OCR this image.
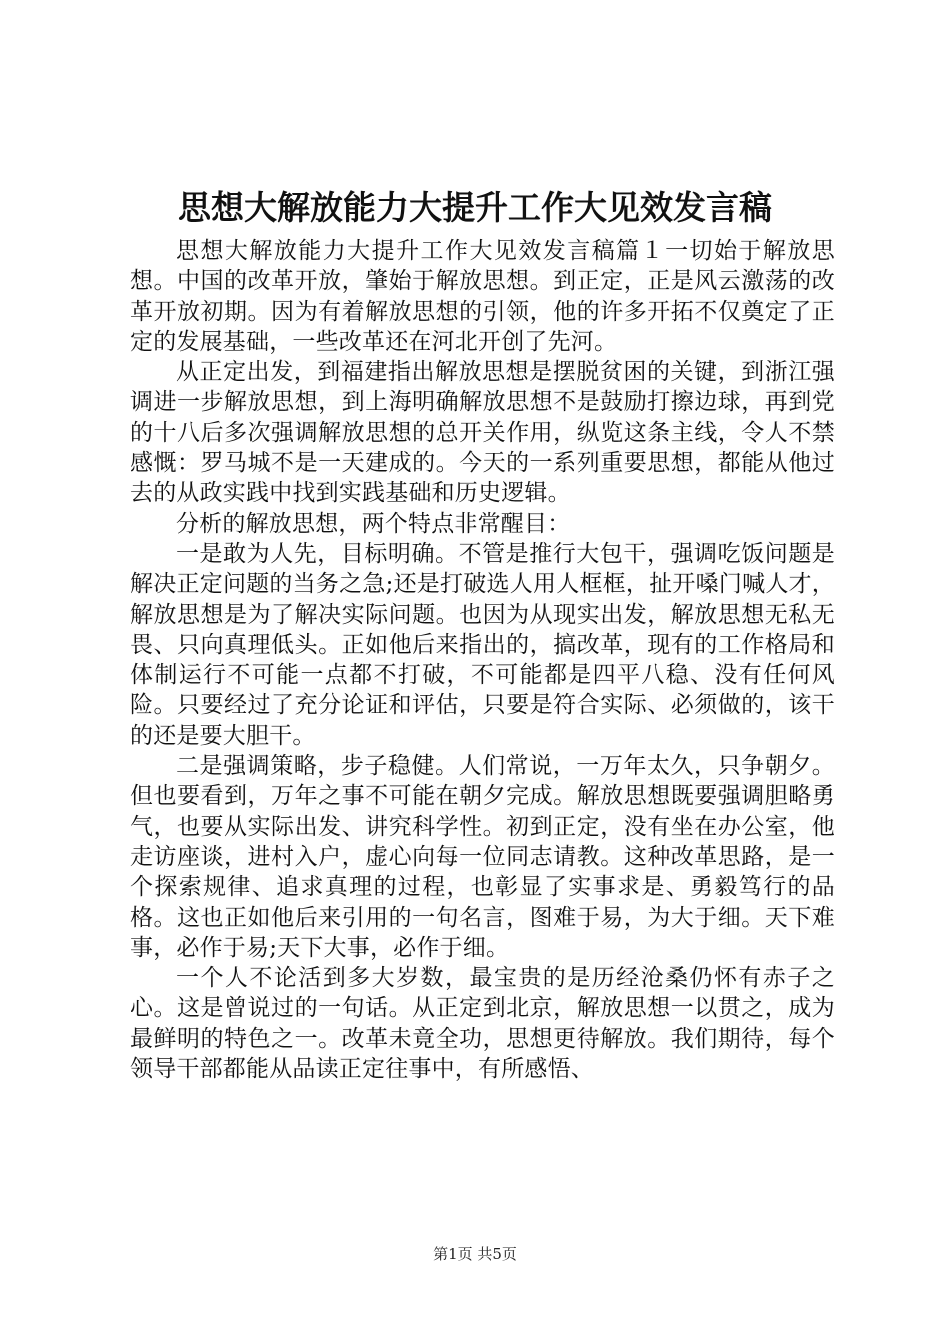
思想大解放能力大提升工作大见效发言稿

思想大解放能力大提升工作大见效发言稿篇１一切始于解放思想。中国的改革开放，肇始于解放思想。到正定，正是风云激荡的改革开放初期。因为有着解放思想的引领，他的许多开拓不仅奠定了正定的发展基础，一些改革还在河北开创了先河。

从正定出发，到福建指出解放思想是摆脱贫困的关键，到浙江强调进一步解放思想，到上海明确解放思想不是鼓励打擦边球，再到党的十八后多次强调解放思想的总开关作用，纵览这条主线，令人不禁感慨：罗马城不是一天建成的。今天的一系列重要思想，都能从他过去的从政实践中找到实践基础和历史逻辑。

分析的解放思想，两个特点非常醒目：

一是敢为人先，目标明确。不管是推行大包干，强调吃饭问题是解决正定问题的当务之急;还是打破选人用人框框，扯开嗓门喊人才，解放思想是为了解决实际问题。也因为从现实出发，解放思想无私无畏、只向真理低头。正如他后来指出的，搞改革，现有的工作格局和体制运行不可能一点都不打破，不可能都是四平八稳、没有任何风险。只要经过了充分论证和评估，只要是符合实际、必须做的，该干的还是要大胆干。

二是强调策略，步子稳健。人们常说，一万年太久，只争朝夕。但也要看到，万年之事不可能在朝夕完成。解放思想既要强调胆略勇气，也要从实际出发、讲究科学性。初到正定，没有坐在办公室，他走访座谈，进村入户，虚心向每一位同志请教。这种改革思路，是一个探索规律、追求真理的过程，也彰显了实事求是、勇毅笃行的品格。这也正如他后来引用的一句名言，图难于易，为大于细。天下难事，必作于易;天下大事，必作于细。

一个人不论活到多大岁数，最宝贵的是历经沧桑仍怀有赤子之心。这是曾说过的一句话。从正定到北京，解放思想一以贯之，成为最鲜明的特色之一。改革未竟全功，思想更待解放。我们期待，每个领导干部都能从品读正定往事中，有所感悟、

第1页 共5页
